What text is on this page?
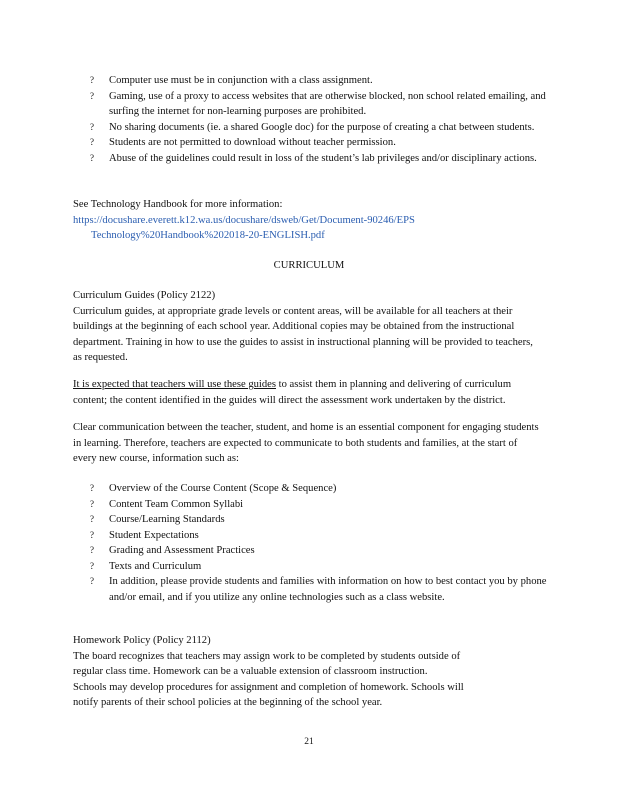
? Computer use must be in conjunction with a class assignment.
? Gaming, use of a proxy to access websites that are otherwise blocked, non school related emailing, and surfing the internet for non-learning purposes are prohibited.
? No sharing documents (ie. a shared Google doc) for the purpose of creating a chat between students.
? Students are not permitted to download without teacher permission.
? Abuse of the guidelines could result in loss of the student’s lab privileges and/or disciplinary actions.
See Technology Handbook for more information:
https://docushare.everett.k12.wa.us/docushare/dsweb/Get/Document-90246/EPS
Technology%20Handbook%202018-20-ENGLISH.pdf
CURRICULUM
Curriculum Guides (Policy 2122)
Curriculum guides, at appropriate grade levels or content areas, will be available for all teachers at their buildings at the beginning of each school year. Additional copies may be obtained from the instructional department. Training in how to use the guides to assist in instructional planning will be provided to teachers, as requested.
It is expected that teachers will use these guides to assist them in planning and delivering of curriculum content; the content identified in the guides will direct the assessment work undertaken by the district.
Clear communication between the teacher, student, and home is an essential component for engaging students in learning. Therefore, teachers are expected to communicate to both students and families, at the start of every new course, information such as:
? Overview of the Course Content (Scope & Sequence)
? Content Team Common Syllabi
? Course/Learning Standards
? Student Expectations
? Grading and Assessment Practices
? Texts and Curriculum
? In addition, please provide students and families with information on how to best contact you by phone and/or email, and if you utilize any online technologies such as a class website.
Homework Policy (Policy 2112)
The board recognizes that teachers may assign work to be completed by students outside of
regular class time. Homework can be a valuable extension of classroom instruction.
Schools may develop procedures for assignment and completion of homework. Schools will
notify parents of their school policies at the beginning of the school year.
21
